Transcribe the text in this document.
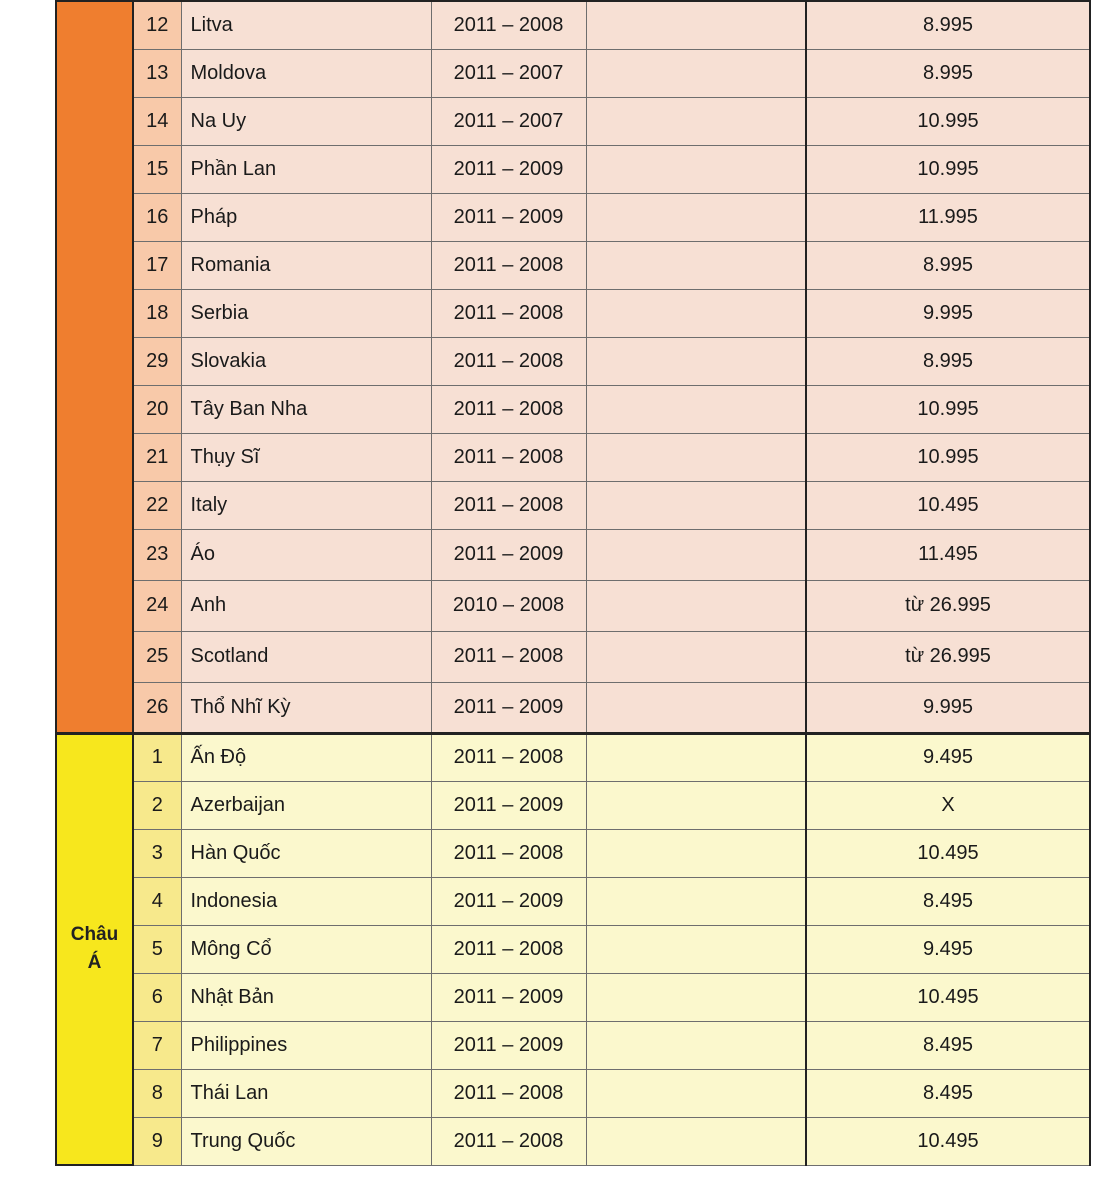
	12	Litva	2011 – 2008		8.995
	13	Moldova	2011 – 2007		8.995
	14	Na Uy	2011 – 2007		10.995
	15	Phần Lan	2011 – 2009		10.995
	16	Pháp	2011 – 2009		11.995
	17	Romania	2011 – 2008		8.995
	18	Serbia	2011 – 2008		9.995
	29	Slovakia	2011 – 2008		8.995
	20	Tây Ban Nha	2011 – 2008		10.995
	21	Thụy Sĩ	2011 – 2008		10.995
	22	Italy	2011 – 2008		10.495
	23	Áo	2011 – 2009		11.495
	24	Anh	2010 – 2008		từ 26.995
	25	Scotland	2011 – 2008		từ 26.995
	26	Thổ Nhĩ Kỳ	2011 – 2009		9.995
Châu Á	1	Ấn Độ	2011 – 2008		9.495
	2	Azerbaijan	2011 – 2009		X
	3	Hàn Quốc	2011 – 2008		10.495
	4	Indonesia	2011 – 2009		8.495
	5	Mông Cổ	2011 – 2008		9.495
	6	Nhật Bản	2011 – 2009		10.495
	7	Philippines	2011 – 2009		8.495
	8	Thái Lan	2011 – 2008		8.495
	9	Trung Quốc	2011 – 2008		10.495
